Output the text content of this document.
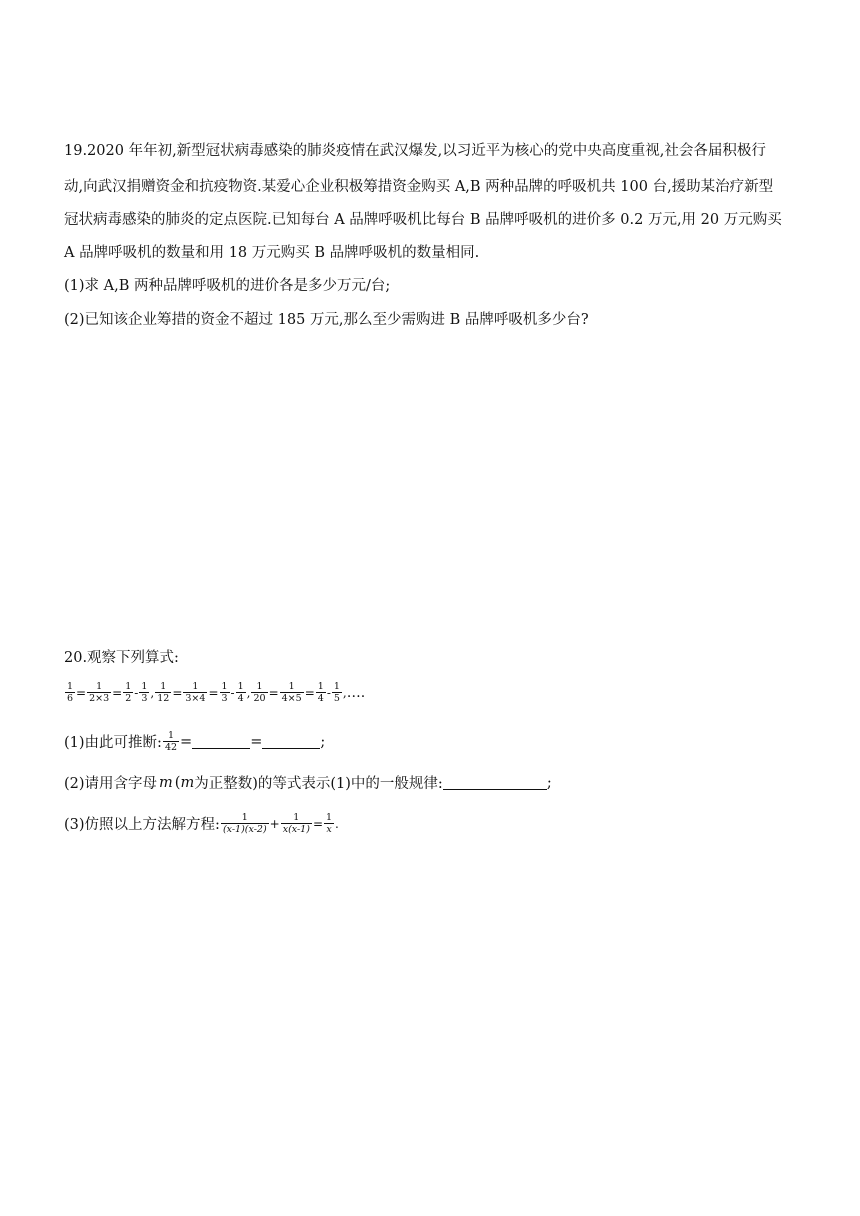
19.2020 年年初,新型冠状病毒感染的肺炎疫情在武汉爆发,以习近平为核心的党中央高度重视,社会各届积极行
动,向武汉捐赠资金和抗疫物资.某爱心企业积极筹措资金购买 A,B 两种品牌的呼吸机共 100 台,援助某治疗新型
冠状病毒感染的肺炎的定点医院.已知每台 A 品牌呼吸机比每台 B 品牌呼吸机的进价多 0.2 万元,用 20 万元购买
A 品牌呼吸机的数量和用 18 万元购买 B 品牌呼吸机的数量相同.
(1)求 A,B 两种品牌呼吸机的进价各是多少万元/台;
(2)已知该企业筹措的资金不超过 185 万元,那么至少需购进 B 品牌呼吸机多少台?
20.观察下列算式:
$\frac{1}{6} = \frac{1}{2\times 3} = \frac{1}{2} - \frac{1}{3}$ , $\frac{1}{12} = \frac{1}{3\times 4} = \frac{1}{3} - \frac{1}{4}$ , $\frac{1}{20} = \frac{1}{4\times 5} = \frac{1}{4} - \frac{1}{5}$ , ….
(1)由此可推断: $\frac{1}{42}$ =	=	;
(2)请用含字母 m ( m 为正整数)的等式表示(1)中的一般规律:	;
(3)仿照以上方法解方程: $\frac{1}{(x-1)(x-2)} + \frac{1}{x(x-1)} = \frac{1}{x}$ .
